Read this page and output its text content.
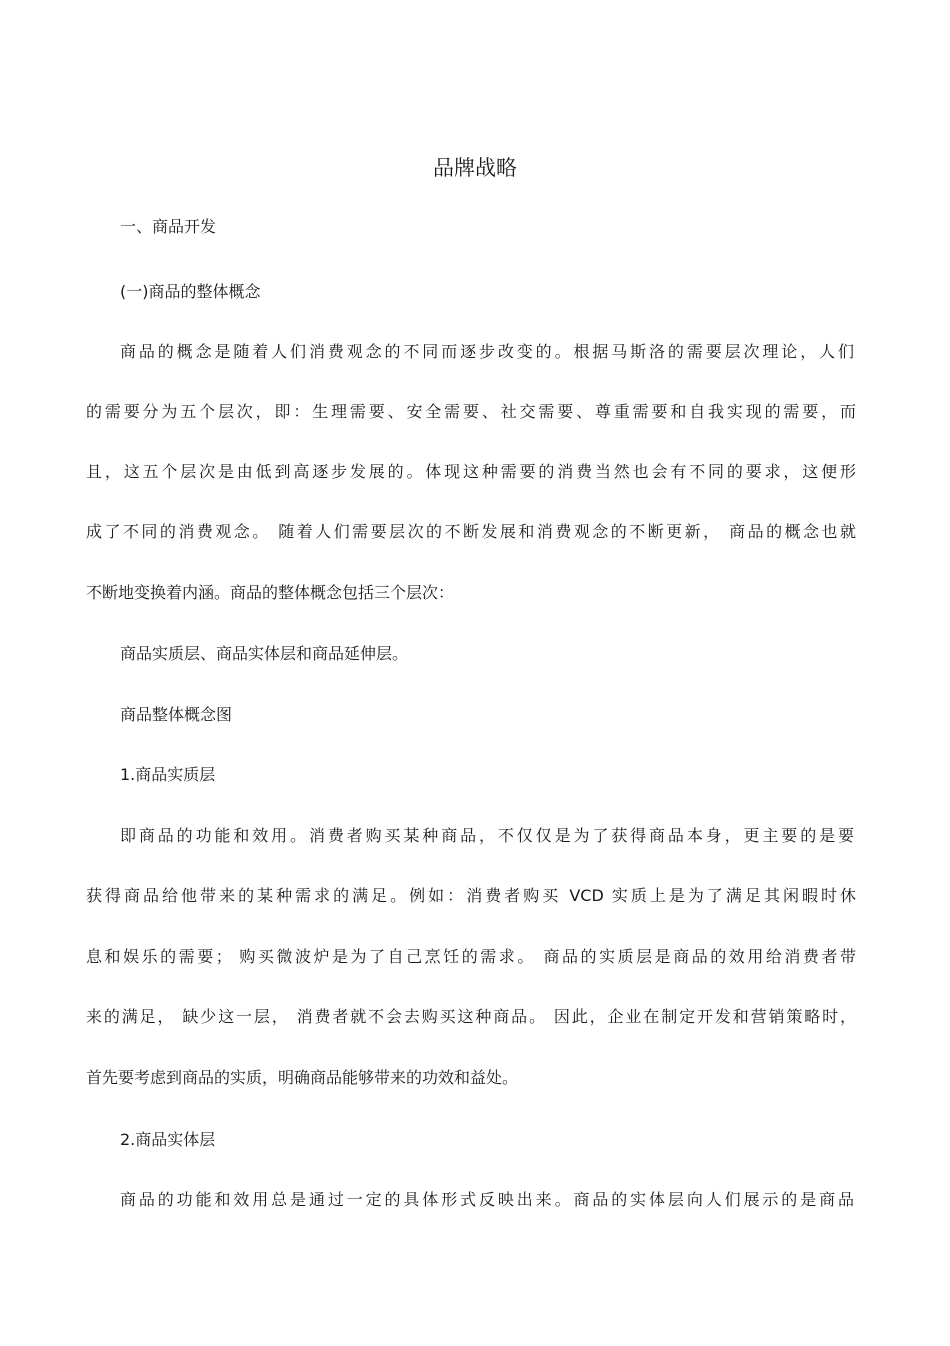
品牌战略

一、商品开发

(一)商品的整体概念

商品的概念是随着人们消费观念的不同而逐步改变的。根据马斯洛的需要层次理论，人们

的需要分为五个层次，即：生理需要、安全需要、社交需要、尊重需要和自我实现的需要，而

且，这五个层次是由低到高逐步发展的。体现这种需要的消费当然也会有不同的要求，这便形

成了不同的消费观念。 随着人们需要层次的不断发展和消费观念的不断更新， 商品的概念也就

不断地变换着内涵。商品的整体概念包括三个层次：

商品实质层、商品实体层和商品延伸层。

商品整体概念图

1.商品实质层

即商品的功能和效用。消费者购买某种商品，不仅仅是为了获得商品本身，更主要的是要

获得商品给他带来的某种需求的满足。例如：消费者购买 VCD 实质上是为了满足其闲暇时休

息和娱乐的需要； 购买微波炉是为了自己烹饪的需求。 商品的实质层是商品的效用给消费者带

来的满足， 缺少这一层， 消费者就不会去购买这种商品。 因此，企业在制定开发和营销策略时，

首先要考虑到商品的实质，明确商品能够带来的功效和益处。

2.商品实体层

商品的功能和效用总是通过一定的具体形式反映出来。商品的实体层向人们展示的是商品
